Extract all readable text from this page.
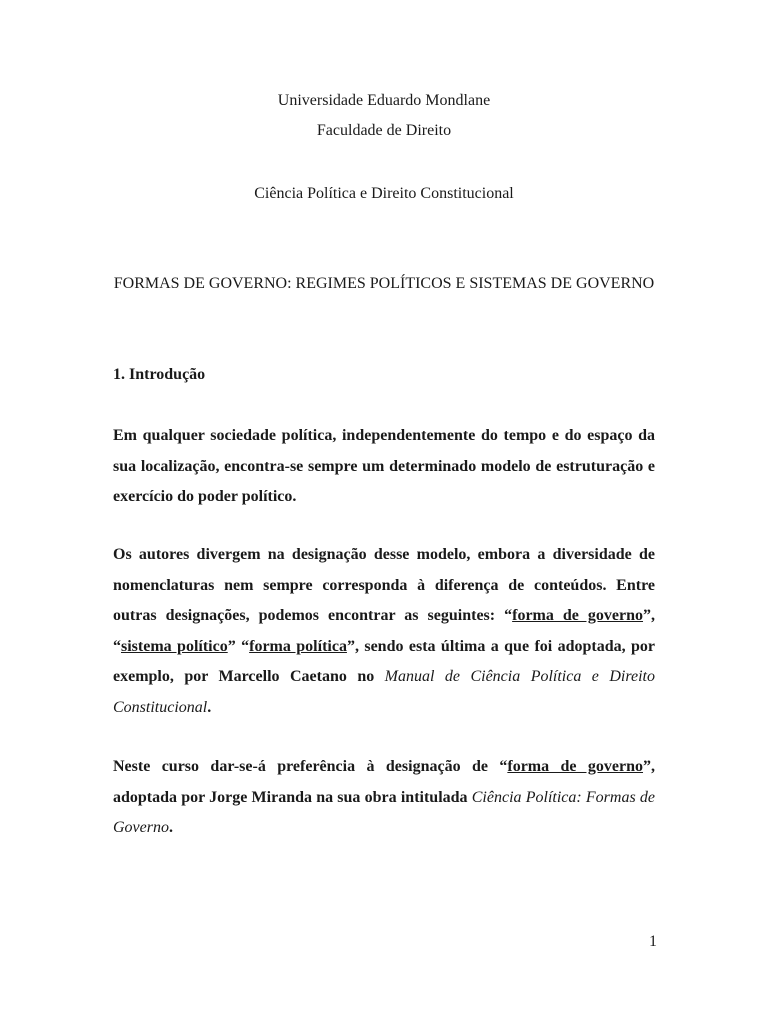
Universidade Eduardo Mondlane
Faculdade de Direito
Ciência Política e Direito Constitucional
FORMAS DE GOVERNO: REGIMES POLÍTICOS E SISTEMAS DE GOVERNO
1. Introdução
Em qualquer sociedade política, independentemente do tempo e do espaço da sua localização, encontra-se sempre um determinado modelo de estruturação e exercício do poder político.
Os autores divergem na designação desse modelo, embora a diversidade de nomenclaturas nem sempre corresponda à diferença de conteúdos. Entre outras designações, podemos encontrar as seguintes: “forma de governo”, “sistema político” “forma política”, sendo esta última a que foi adoptada, por exemplo, por Marcello Caetano no Manual de Ciência Política e Direito Constitucional.
Neste curso dar-se-á preferência à designação de “forma de governo”, adoptada por Jorge Miranda na sua obra intitulada Ciência Política: Formas de Governo.
1
